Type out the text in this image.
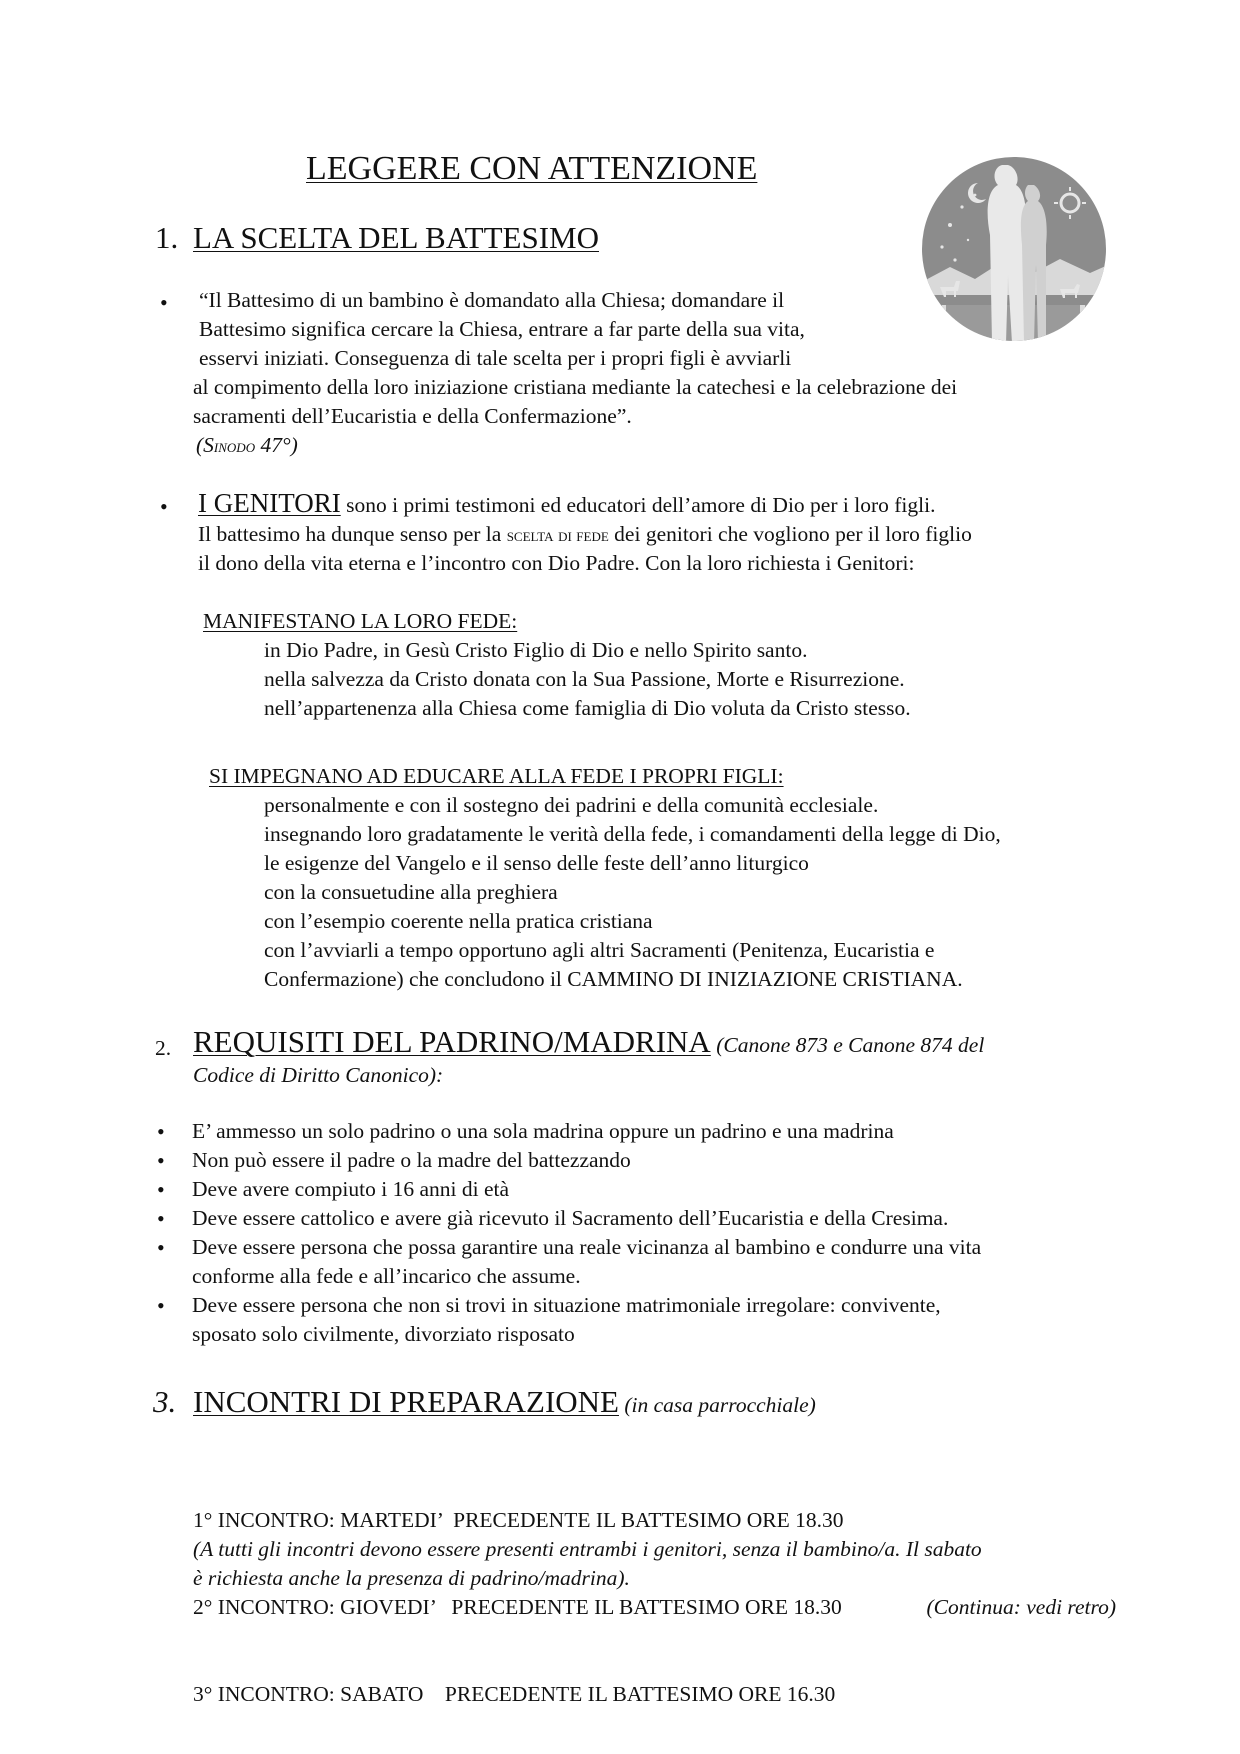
LEGGERE CON ATTENZIONE
1. LA SCELTA DEL BATTESIMO
• “Il Battesimo di un bambino è domandato alla Chiesa; domandare il
Battesimo significa cercare la Chiesa, entrare a far parte della sua vita,
esservi iniziati. Conseguenza di tale scelta per i propri figli è avviarli
al compimento della loro iniziazione cristiana mediante la catechesi e la celebrazione dei
sacramenti dell’Eucaristia e della Confermazione”.
(Sinodo 47°)
• I GENITORI sono i primi testimoni ed educatori dell’amore di Dio per i loro figli.
Il battesimo ha dunque senso per la scelta di fede dei genitori che vogliono per il loro figlio
il dono della vita eterna e l’incontro con Dio Padre. Con la loro richiesta i Genitori:
MANIFESTANO LA LORO FEDE:
in Dio Padre, in Gesù Cristo Figlio di Dio e nello Spirito santo.
nella salvezza da Cristo donata con la Sua Passione, Morte e Risurrezione.
nell’appartenenza alla Chiesa come famiglia di Dio voluta da Cristo stesso.
SI IMPEGNANO AD EDUCARE ALLA FEDE I PROPRI FIGLI:
personalmente e con il sostegno dei padrini e della comunità ecclesiale.
insegnando loro gradatamente le verità della fede, i comandamenti della legge di Dio,
le esigenze del Vangelo e il senso delle feste dell’anno liturgico
con la consuetudine alla preghiera
con l’esempio coerente nella pratica cristiana
con l’avviarli a tempo opportuno agli altri Sacramenti (Penitenza, Eucaristia e
Confermazione) che concludono il CAMMINO DI INIZIAZIONE CRISTIANA.
2. REQUISITI DEL PADRINO/MADRINA (Canone 873 e Canone 874 del
Codice di Diritto Canonico):
• E’ ammesso un solo padrino o una sola madrina oppure un padrino e una madrina
• Non può essere il padre o la madre del battezzando
• Deve avere compiuto i 16 anni di età
• Deve essere cattolico e avere già ricevuto il Sacramento dell’Eucaristia e della Cresima.
• Deve essere persona che possa garantire una reale vicinanza al bambino e condurre una vita
conforme alla fede e all’incarico che assume.
• Deve essere persona che non si trovi in situazione matrimoniale irregolare: convivente,
sposato solo civilmente, divorziato risposato
3. INCONTRI DI PREPARAZIONE (in casa parrocchiale)

1° INCONTRO: MARTEDI’  PRECEDENTE IL BATTESIMO ORE 18.30

2° INCONTRO: GIOVEDI’   PRECEDENTE IL BATTESIMO ORE 18.30

3° INCONTRO: SABATO    PRECEDENTE IL BATTESIMO ORE 16.30

(A tutti gli incontri devono essere presenti entrambi i genitori, senza il bambino/a. Il sabato
è richiesta anche la presenza di padrino/madrina).
(Continua: vedi retro)
